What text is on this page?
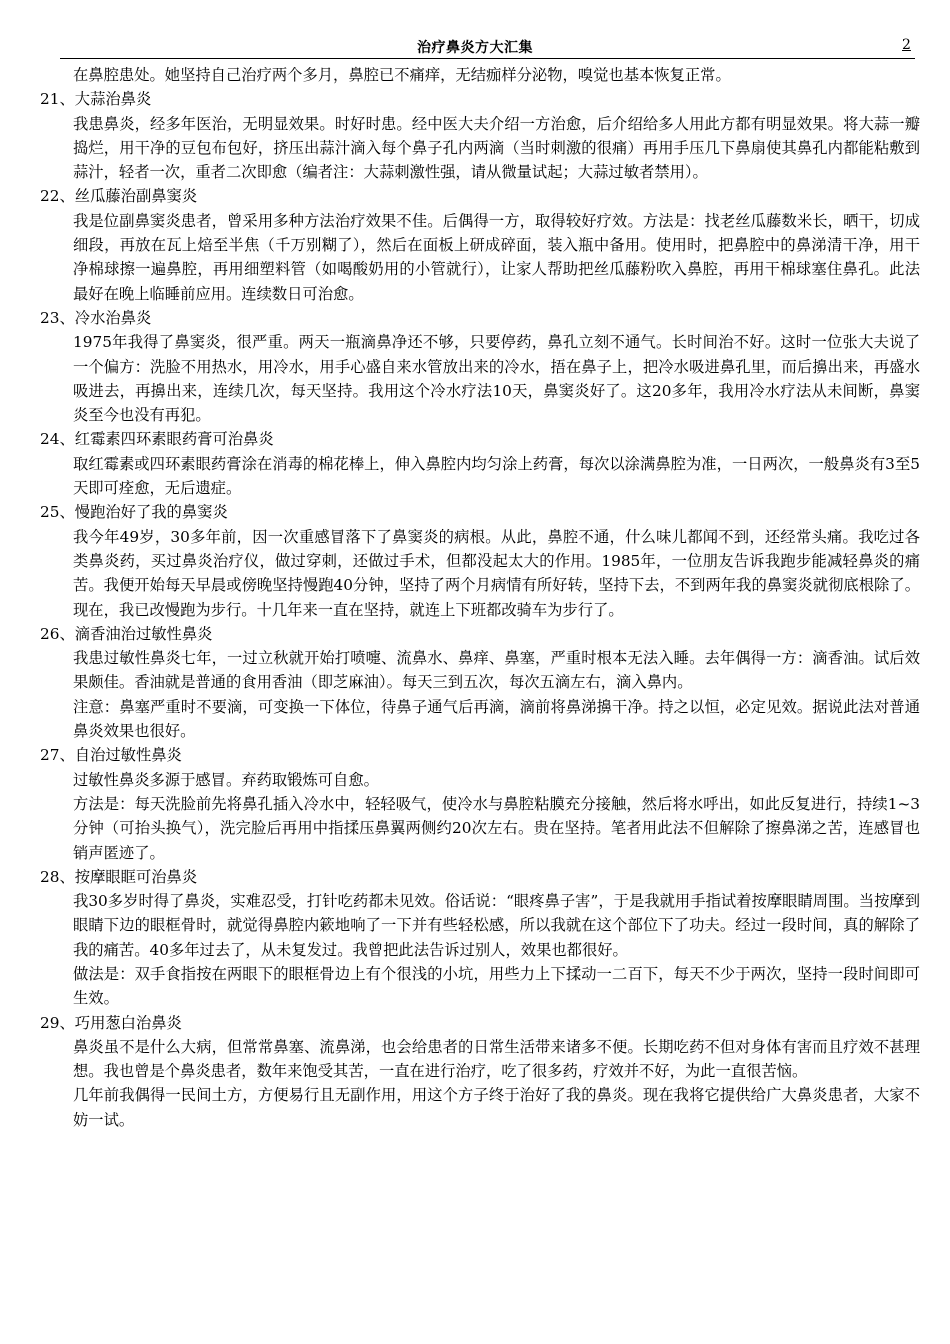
治疗鼻炎方大汇集	2

在鼻腔患处。她坚持自己治疗两个多月，鼻腔已不痛痒，无结痂样分泌物，嗅觉也基本恢复正常。

21、大蒜治鼻炎

我患鼻炎，经多年医治，无明显效果。时好时患。经中医大夫介绍一方治愈，后介绍给多人用此方都有明显效果。将大蒜一瓣捣烂，用干净的豆包布包好，挤压出蒜汁滴入每个鼻子孔内两滴（当时刺激的很痛）再用手压几下鼻扇使其鼻孔内都能粘敷到蒜汁，轻者一次，重者二次即愈（编者注：大蒜刺激性强，请从微量试起；大蒜过敏者禁用）。

22、丝瓜藤治副鼻窦炎

我是位副鼻窦炎患者，曾采用多种方法治疗效果不佳。后偶得一方，取得较好疗效。方法是：找老丝瓜藤数米长，晒干，切成细段，再放在瓦上焙至半焦（千万别糊了），然后在面板上研成碎面，装入瓶中备用。使用时，把鼻腔中的鼻涕清干净，用干净棉球擦一遍鼻腔，再用细塑料管（如喝酸奶用的小管就行），让家人帮助把丝瓜藤粉吹入鼻腔，再用干棉球塞住鼻孔。此法最好在晚上临睡前应用。连续数日可治愈。

23、冷水治鼻炎

1975年我得了鼻窦炎，很严重。两天一瓶滴鼻净还不够，只要停药，鼻孔立刻不通气。长时间治不好。这时一位张大夫说了一个偏方：洗脸不用热水，用冷水，用手心盛自来水管放出来的冷水，捂在鼻子上，把冷水吸进鼻孔里，而后擤出来，再盛水吸进去，再擤出来，连续几次，每天坚持。我用这个冷水疗法10天，鼻窦炎好了。这20多年，我用冷水疗法从未间断，鼻窦炎至今也没有再犯。

24、红霉素四环素眼药膏可治鼻炎

取红霉素或四环素眼药膏涂在消毒的棉花棒上，伸入鼻腔内均匀涂上药膏，每次以涂满鼻腔为准，一日两次，一般鼻炎有3至5天即可痊愈，无后遗症。

25、慢跑治好了我的鼻窦炎

我今年49岁，30多年前，因一次重感冒落下了鼻窦炎的病根。从此，鼻腔不通，什么味儿都闻不到，还经常头痛。我吃过各类鼻炎药，买过鼻炎治疗仪，做过穿刺，还做过手术，但都没起太大的作用。1985年，一位朋友告诉我跑步能减轻鼻炎的痛苦。我便开始每天早晨或傍晚坚持慢跑40分钟，坚持了两个月病情有所好转，坚持下去，不到两年我的鼻窦炎就彻底根除了。现在，我已改慢跑为步行。十几年来一直在坚持，就连上下班都改骑车为步行了。

26、滴香油治过敏性鼻炎

我患过敏性鼻炎七年，一过立秋就开始打喷嚏、流鼻水、鼻痒、鼻塞，严重时根本无法入睡。去年偶得一方：滴香油。试后效果颇佳。香油就是普通的食用香油（即芝麻油）。每天三到五次，每次五滴左右，滴入鼻内。

注意：鼻塞严重时不要滴，可变换一下体位，待鼻子通气后再滴，滴前将鼻涕擤干净。持之以恒，必定见效。据说此法对普通鼻炎效果也很好。

27、自治过敏性鼻炎

过敏性鼻炎多源于感冒。弃药取锻炼可自愈。

方法是：每天洗脸前先将鼻孔插入冷水中，轻轻吸气，使冷水与鼻腔粘膜充分接触，然后将水呼出，如此反复进行，持续1~3分钟（可抬头换气），洗完脸后再用中指揉压鼻翼两侧约20次左右。贵在坚持。笔者用此法不但解除了擦鼻涕之苦，连感冒也销声匿迹了。

28、按摩眼眶可治鼻炎

我30多岁时得了鼻炎，实难忍受，打针吃药都未见效。俗话说：“眼疼鼻子害”，于是我就用手指试着按摩眼睛周围。当按摩到眼睛下边的眼框骨时，就觉得鼻腔内簌地响了一下并有些轻松感，所以我就在这个部位下了功夫。经过一段时间，真的解除了我的痛苦。40多年过去了，从未复发过。我曾把此法告诉过别人，效果也都很好。

做法是：双手食指按在两眼下的眼框骨边上有个很浅的小坑，用些力上下揉动一二百下，每天不少于两次，坚持一段时间即可生效。

29、巧用葱白治鼻炎

鼻炎虽不是什么大病，但常常鼻塞、流鼻涕，也会给患者的日常生活带来诸多不便。长期吃药不但对身体有害而且疗效不甚理想。我也曾是个鼻炎患者，数年来饱受其苦，一直在进行治疗，吃了很多药，疗效并不好，为此一直很苦恼。

几年前我偶得一民间土方，方便易行且无副作用，用这个方子终于治好了我的鼻炎。现在我将它提供给广大鼻炎患者，大家不妨一试。
